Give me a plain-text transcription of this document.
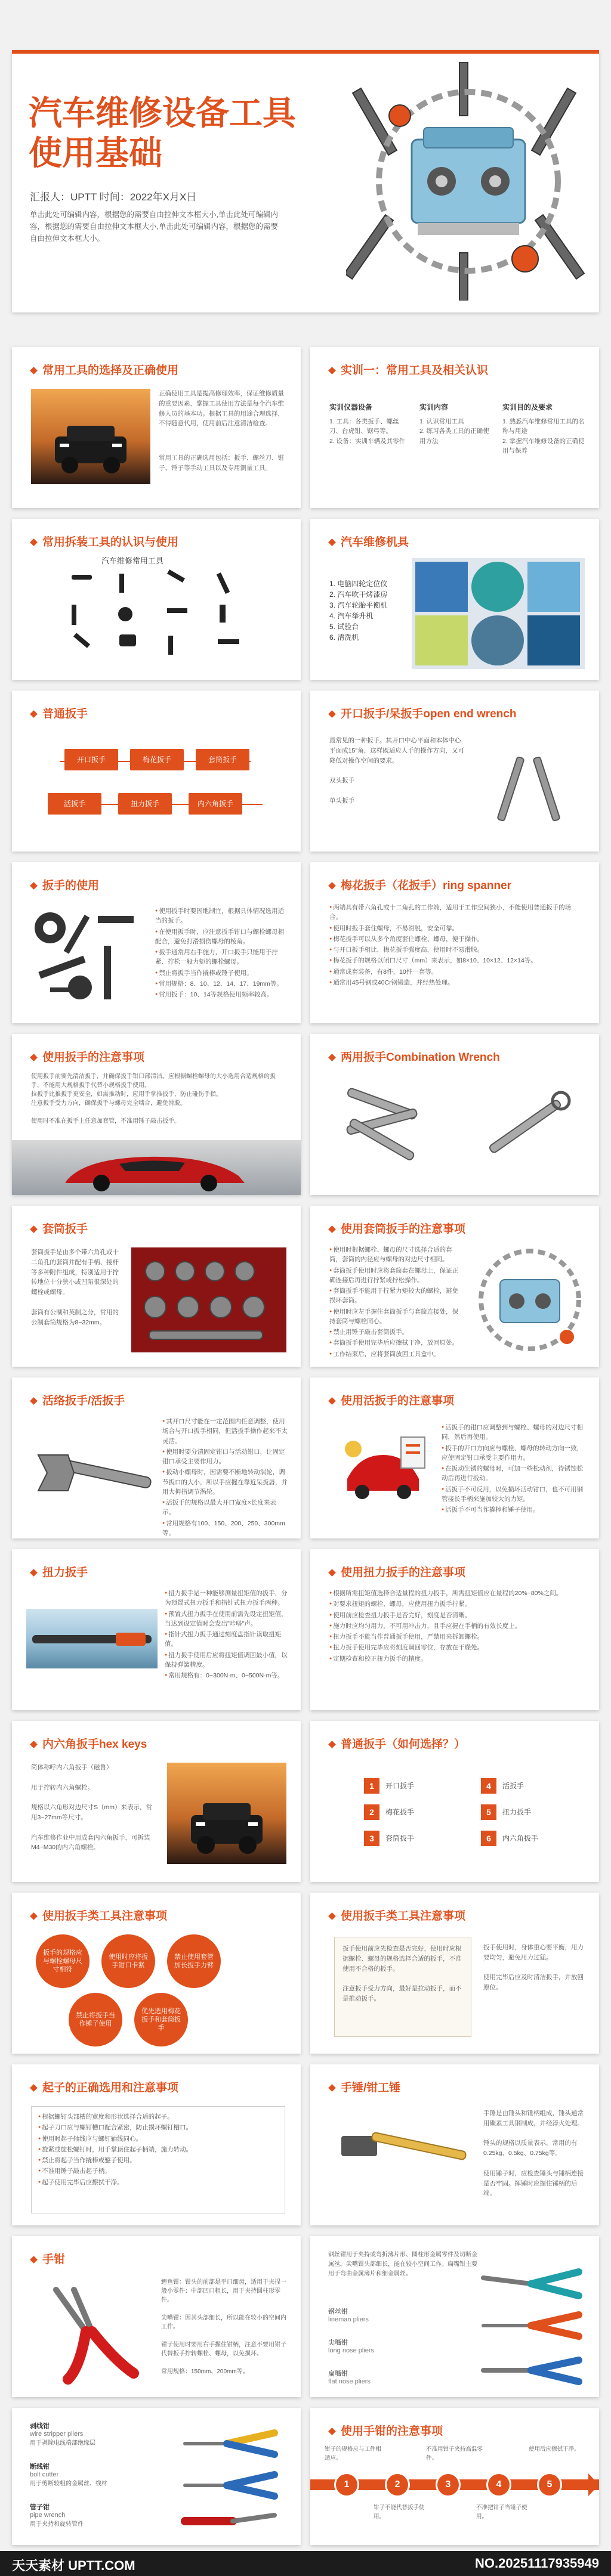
汽车维修设备工具
使用基础
汇报人：UPTT 时间：2022年X月X日
单击此处可编辑内容，根据您的需要自由拉伸文本框大小,单击此处可编辑内容，根据您的需要自由拉伸文本框大小,单击此处可编辑内容，根据您的需要自由拉伸文本框大小。
常用工具的选择及正确使用
正确使用工具是提高修理效率，保证维修质量的重要因素，掌握工具使用方法是每个汽车维修人员的基本功。根据工具的用途合理选择，不得随意代用，使用前后注意清洁检查。
常用工具的正确选用包括：扳手、螺丝刀、钳子、锤子等手动工具以及专用测量工具。
实训一：常用工具及相关认识
实训仪器设备
1. 工具：各类扳手、螺丝刀、台虎钳、锯弓等。
2. 设备：实训车辆及其零件
实训内容
1. 认识常用工具
2. 练习各类工具的正确使用方法
实训目的及要求
1. 熟悉汽车维修常用工具的名称与用途
2. 掌握汽车维修设备的正确使用与保养
常用拆装工具的认识与使用
汽车维修常用工具
汽车维修机具
1. 电脑四轮定位仪
2. 汽车吹干烤漆房
3. 汽车轮胎平衡机
4. 汽车举升机
5. 试验台
6. 清洗机
普通扳手
开口扳手	梅花扳手	套筒扳手
活扳手	扭力扳手	内六角扳手
开口扳手/呆扳手open end wrench
最常见的一种扳手。其开口中心平面和本体中心平面成15°角，这样既适应人手的操作方向，又可降低对操作空间的要求。

双头扳手

单头扳手
扳手的使用
● 使用扳手时要因地制宜，根据具体情况选用适当的扳手。
● 在使用扳手时，应注意扳手钳口与螺栓螺母相配合，避免打滑损伤螺母的棱角。
● 扳手通常用右手施力，开口扳手只能用于拧紧、拧松一般力矩的螺栓螺母。
● 禁止将扳手当作撬棒或锤子使用。
● 常用规格：8、10、12、14、17、19mm等。
● 常用扳手：10、14等规格使用频率较高。
梅花扳手（花扳手）ring spanner
● 两端具有带六角孔或十二角孔的工作端，适用于工作空间狭小，不能使用普通扳手的场合。
● 使用时扳手套住螺母，不易滑脱，安全可靠。
● 梅花扳手可以从多个角度套住螺栓、螺母，便于操作。
● 与开口扳手相比，梅花扳手强度高，使用时不易滑脱。
● 梅花扳手的规格以闭口尺寸（mm）来表示，如8×10、10×12、12×14等。
● 通常成套装备，有8件、10件一套等。
● 通常用45号钢或40Cr钢锻造，并经热处理。
使用扳手的注意事项
使用扳手前要先清洁扳手，并确保扳手钳口部清洁。应根据螺栓螺母的大小选用合适规格的扳手，不能用大规格扳手代替小规格扳手使用。
拉扳手比推扳手更安全，如需推动时，应用手掌推扳手，防止碰伤手指。
注意扳手受力方向，确保扳手与螺母完全啮合，避免滑脱。

使用时不准在扳手上任意加套管，不准用锤子敲击扳手。
两用扳手Combination Wrench
套筒扳手
套筒扳手是由多个带六角孔或十二角孔的套筒并配有手柄、接杆等多种附件组成，特别适用于拧转地位十分狭小或凹陷很深处的螺栓或螺母。

套筒有公制和英制之分，常用的公制套筒规格为8~32mm。
使用套筒扳手的注意事项
● 使用时根据螺栓、螺母的尺寸选择合适的套筒，套筒的内径应与螺母的对边尺寸相同。
● 套筒扳手使用时应将套筒套在螺母上，保证正确连接后再进行拧紧或拧松操作。
● 套筒扳手不能用于拧紧力矩较大的螺栓，避免损坏套筒。
● 使用时应左手握住套筒扳手与套筒连接处，保持套筒与螺栓同心。
● 禁止用锤子敲击套筒扳手。
● 套筒扳手使用完毕后应擦拭干净，放回原处。
● 工作结束后，应将套筒放回工具盒中。
活络扳手/活扳手
● 其开口尺寸能在一定范围内任意调整，使用场合与开口扳手相同，但活扳手操作起来不太灵活。
● 使用时要分清固定钳口与活动钳口，让固定钳口承受主要作用力。
● 扳动小螺母时，因需要不断地转动涡轮，调节扳口的大小，所以手应握在靠近呆扳唇，并用大拇指调节涡轮。
● 活扳手的规格以最大开口宽度×长度来表示。
● 常用规格有100、150、200、250、300mm等。
使用活扳手的注意事项
● 活扳手的钳口应调整到与螺栓、螺母的对边尺寸相同，然后再使用。
● 扳手的开口方向应与螺栓、螺母的转动方向一致，应使固定钳口承受主要作用力。
● 在扳动生锈的螺母时，可加一些松动剂，待锈蚀松动后再进行扳动。
● 活扳手不可反用，以免损坏活动钳口，也不可用钢管接长手柄来施加较大的力矩。
● 活扳手不可当作撬棒和锤子使用。
扭力扳手
● 扭力扳手是一种能够测量扭矩值的扳手，分为预置式扭力扳手和指针式扭力扳手两种。
● 预置式扭力扳手在使用前需先设定扭矩值，当达到设定值时会发出"咔嗒"声。
● 指针式扭力扳手通过刻度盘指针读取扭矩值。
● 扭力扳手使用后应将扭矩值调回最小值，以保持弹簧精度。
● 常用规格有：0~300N·m、0~500N·m等。
使用扭力扳手的注意事项
● 根据所需扭矩值选择合适量程的扭力扳手，所需扭矩值应在量程的20%~80%之间。
● 对要求扭矩的螺栓、螺母，应使用扭力扳手拧紧。
● 使用前应检查扭力扳手是否完好，刻度是否清晰。
● 施力时应均匀用力，不可用冲击力，且手应握在手柄的有效长度上。
● 扭力扳手不能当作普通扳手使用，严禁用来拆卸螺栓。
● 扭力扳手使用完毕应将刻度调回零位，存放在干燥处。
● 定期检查和校正扭力扳手的精度。
内六角扳手hex keys
简体称呼内六角扳手（磁鲁）

用于拧转内六角螺栓。

规格以六角形对边尺寸S（mm）来表示，常用3~27mm等尺寸。

汽车维修作业中用成套内六角扳手，可拆装M4~M30的内六角螺栓。
普通扳手（如何选择？）
1	开口扳手
2	梅花扳手
3	套筒扳手
4	活扳手
5	扭力扳手
6	内六角扳手
使用扳手类工具注意事项
扳手的规格应与螺栓螺母尺寸相符
使用时应将扳手钳口卡紧
禁止使用套管加长扳手力臂
禁止将扳手当作锤子使用
优先选用梅花扳手和套筒扳手
使用扳手类工具注意事项
扳手使用前应先检查是否完好，使用时应根据螺栓、螺母的规格选择合适的扳手，不准使用不合格的扳手。

注意扳手受力方向，最好是拉动扳手，而不是推动扳手。
扳手使用时，身体重心要平衡，用力要均匀，避免用力过猛。

使用完毕后应及时清洁扳手，并放回原位。
起子的正确选用和注意事项
● 根据螺钉头部槽的宽度和形状选择合适的起子。
● 起子刀口应与螺钉槽口配合紧密，防止损坏螺钉槽口。
● 使用时起子轴线应与螺钉轴线同心。
● 旋紧或旋松螺钉时，用手掌顶住起子柄端，施力转动。
● 禁止将起子当作撬棒或錾子使用。
● 不准用锤子敲击起子柄。
● 起子使用完毕后应擦拭干净。
手锤/钳工锤
手锤是由锤头和锤柄组成，锤头通常用碳素工具钢制成，并经淬火处理。

锤头的规格以质量表示，常用的有0.25kg、0.5kg、0.75kg等。

使用锤子时，应检查锤头与锤柄连接是否牢固。挥锤时应握住锤柄的后端。
手钳
鲤鱼钳：钳头的前部是平口细齿，适用于夹捏一般小零件；中部凹口粗长，用于夹持圆柱形零件。

尖嘴钳：因其头部细长，所以能在较小的空间内工作。

钳子使用时要用右手握住钳柄，注意不要用钳子代替扳手拧转螺栓、螺母，以免损坏。

常用规格：150mm、200mm等。
钢丝钳用于夹持或弯折薄片形、圆柱形金属零件及切断金属丝。尖嘴钳头部细长，能在较小空间工作。扁嘴钳主要用于弯曲金属薄片和细金属丝。
钢丝钳
lineman pliers
尖嘴钳
long nose pliers
扁嘴钳
flat nose pliers
剥线钳
wire stripper pliers
用于剥除电线端部绝缘层
断线钳
bolt cutter
用于剪断较粗的金属丝、线材
管子钳
pipe wrench
用于夹持和旋转管件
使用手钳的注意事项
1	2	3	4	5
钳子的规格应与工件相适应。
钳子不能代替扳手使用。
不准用钳子夹持高温零件。
不准把钳子当锤子使用。
使用后应擦拭干净。
天天素材 UPTT.COM	NO.20251117935949
